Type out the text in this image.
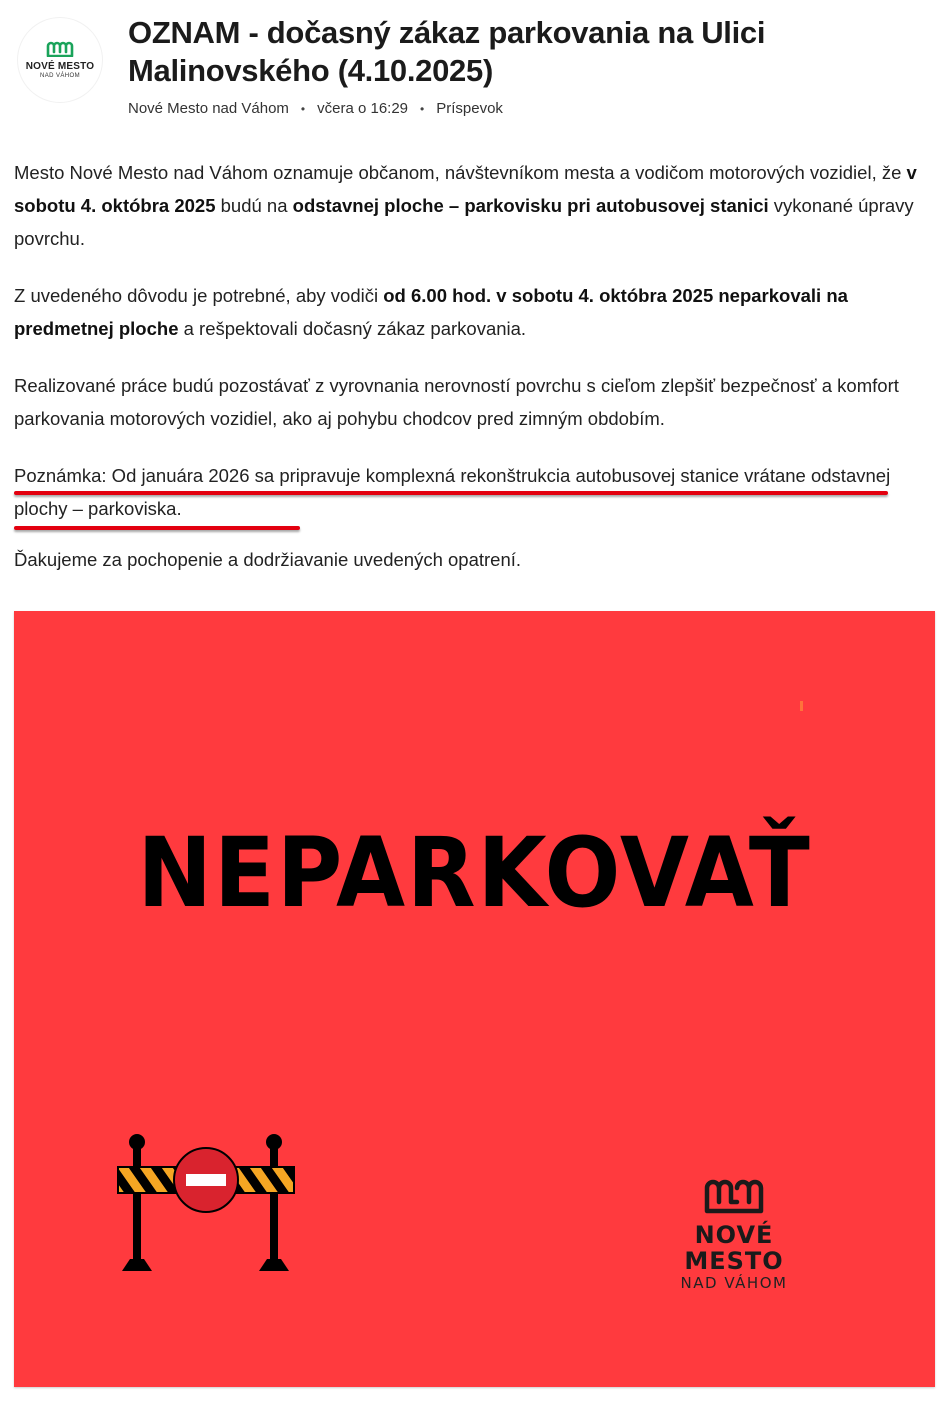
NOVÉ MESTO
NAD VÁHOM
OZNAM - dočasný zákaz parkovania na Ulici Malinovského (4.10.2025)
Nové Mesto nad Váhom • včera o 16:29 • Príspevok

Mesto Nové Mesto nad Váhom oznamuje občanom, návštevníkom mesta a vodičom motorových vozidiel, že v sobotu 4. októbra 2025 budú na odstavnej ploche – parkovisku pri autobusovej stanici vykonané úpravy povrchu.

Z uvedeného dôvodu je potrebné, aby vodiči od 6.00 hod. v sobotu 4. októbra 2025 neparkovali na predmetnej ploche a rešpektovali dočasný zákaz parkovania.

Realizované práce budú pozostávať z vyrovnania nerovností povrchu s cieľom zlepšiť bezpečnosť a komfort parkovania motorových vozidiel, ako aj pohybu chodcov pred zimným obdobím.

Poznámka: Od januára 2026 sa pripravuje komplexná rekonštrukcia autobusovej stanice vrátane odstavnej plochy – parkoviska.

Ďakujeme za pochopenie a dodržiavanie uvedených opatrení.

NEPARKOVAŤ
NOVÉ MESTO
NAD VÁHOM
